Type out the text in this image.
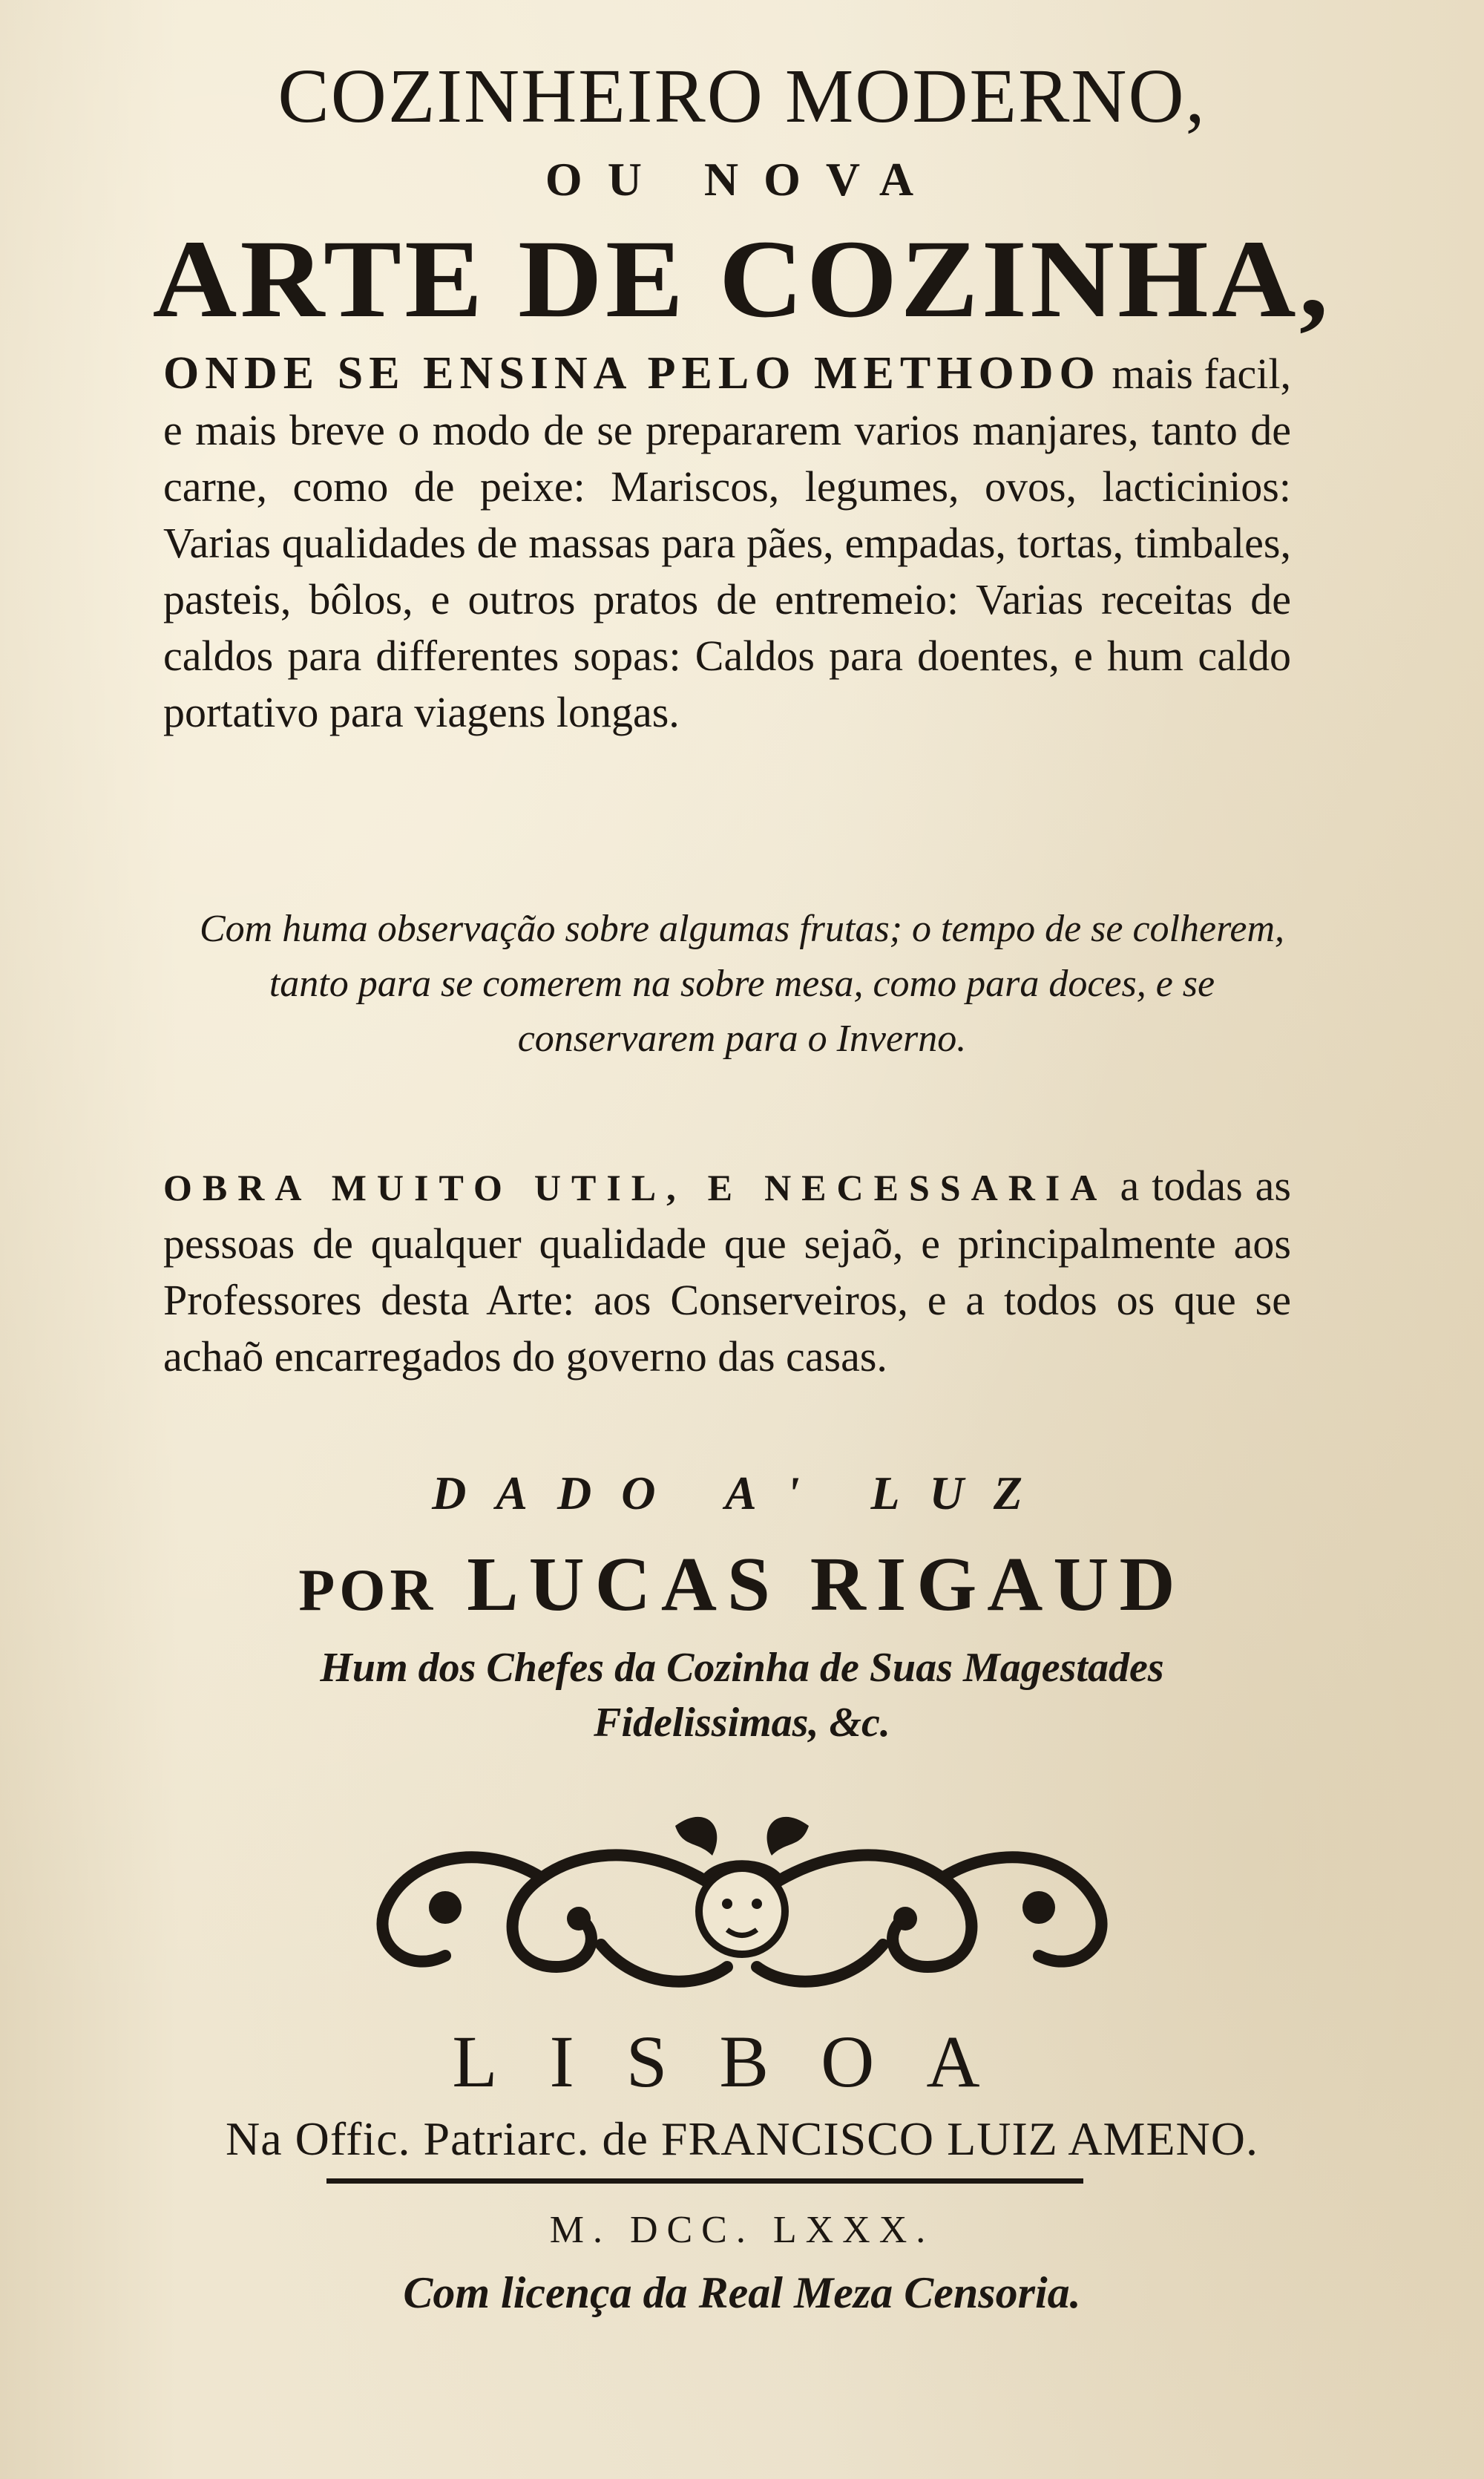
COZINHEIRO MODERNO,
OU NOVA
ARTE DE COZINHA,
ONDE SE ENSINA PELO METHODO mais facil, e mais breve o modo de se prepararem varios manjares, tanto de carne, como de peixe: Mariscos, legumes, ovos, lacticinios: Varias qualidades de massas para pães, empadas, tortas, timbales, pasteis, bôlos, e outros pratos de entremeio: Varias receitas de caldos para differentes sopas: Caldos para doentes, e hum caldo portativo para viagens longas.
Com huma observação sobre algumas frutas; o tempo de se colherem, tanto para se comerem na sobre mesa, como para doces, e se conservarem para o Inverno.
OBRA MUITO UTIL, E NECESSARIA a todas as pessoas de qualquer qualidade que sejaõ, e principalmente aos Professores desta Arte: aos Conserveiros, e a todos os que se achaõ encarregados do governo das casas.
DADO A' LUZ
POR LUCAS RIGAUD
Hum dos Chefes da Cozinha de Suas Magestades
Fidelissimas, &c.
LISBOA
Na Offic. Patriarc. de FRANCISCO LUIZ AMENO.
M. DCC. LXXX.
Com licença da Real Meza Censoria.
